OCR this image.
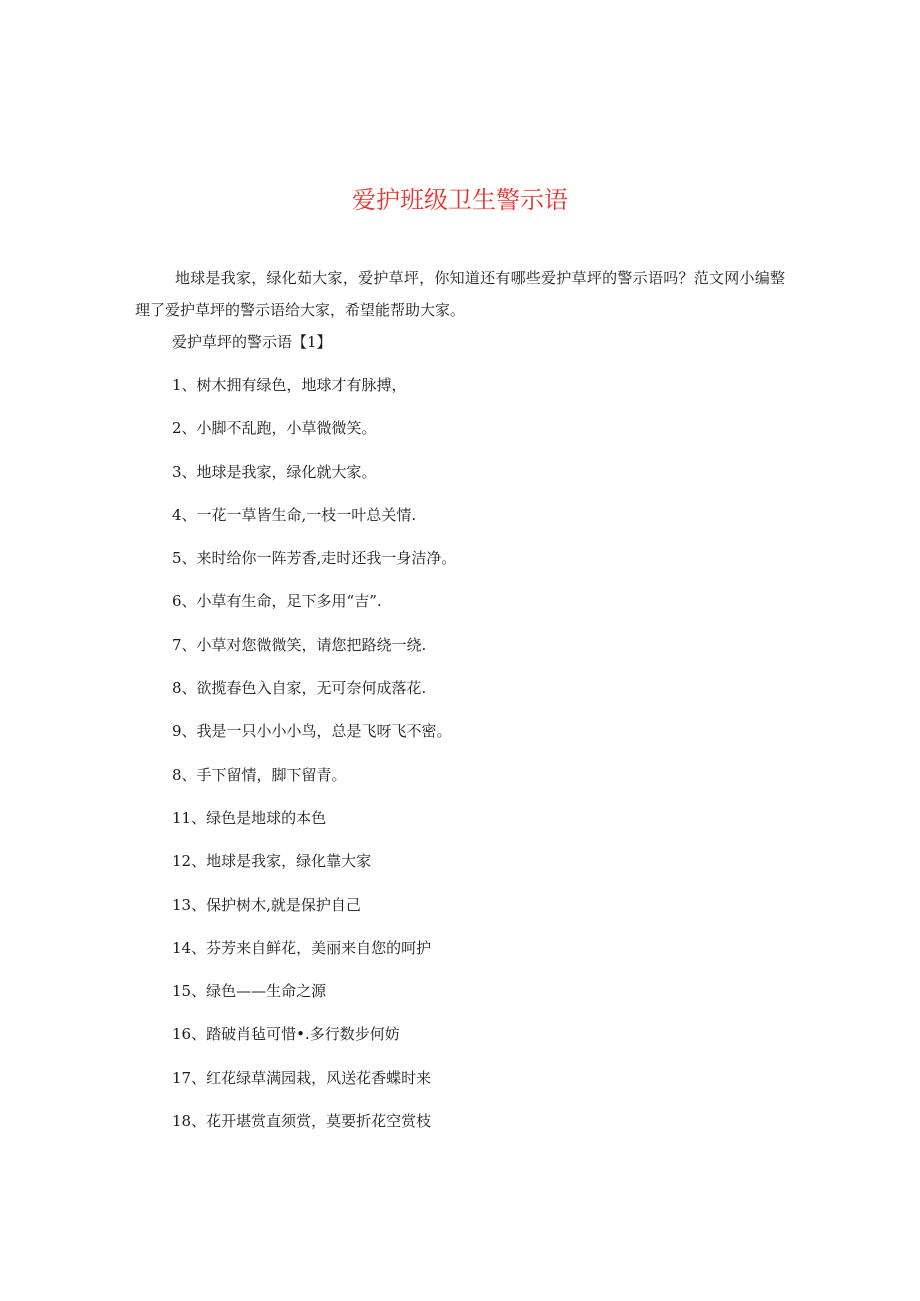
爱护班级卫生警示语

地球是我家，绿化茹大家，爱护草坪，你知道还有哪些爱护草坪的警示语吗？范文网小编整理了爱护草坪的警示语给大家，希望能帮助大家。

爱护草坪的警示语【1】

1、树木拥有绿色，地球才有脉搏，
2、小脚不乱跑，小草微微笑。
3、地球是我家，绿化就大家。
4、一花一草皆生命,一枝一叶总关情.
5、来时给你一阵芳香,走时还我一身洁净。
6、小草有生命，足下多用“吉”.
7、小草对您微微笑，请您把路绕一绕.
8、欲揽春色入自家，无可奈何成落花.
9、我是一只小小小鸟，总是飞呀飞不密。
8、手下留情，脚下留青。
11、绿色是地球的本色
12、地球是我家，绿化靠大家
13、保护树木,就是保护自己
14、芬芳来自鲜花，美丽来自您的呵护
15、绿色——生命之源
16、踏破肖毡可惜•.多行数步何妨
17、红花绿草满园栽，风送花香蝶时来
18、花开堪赏直须赏，莫要折花空赏枝
